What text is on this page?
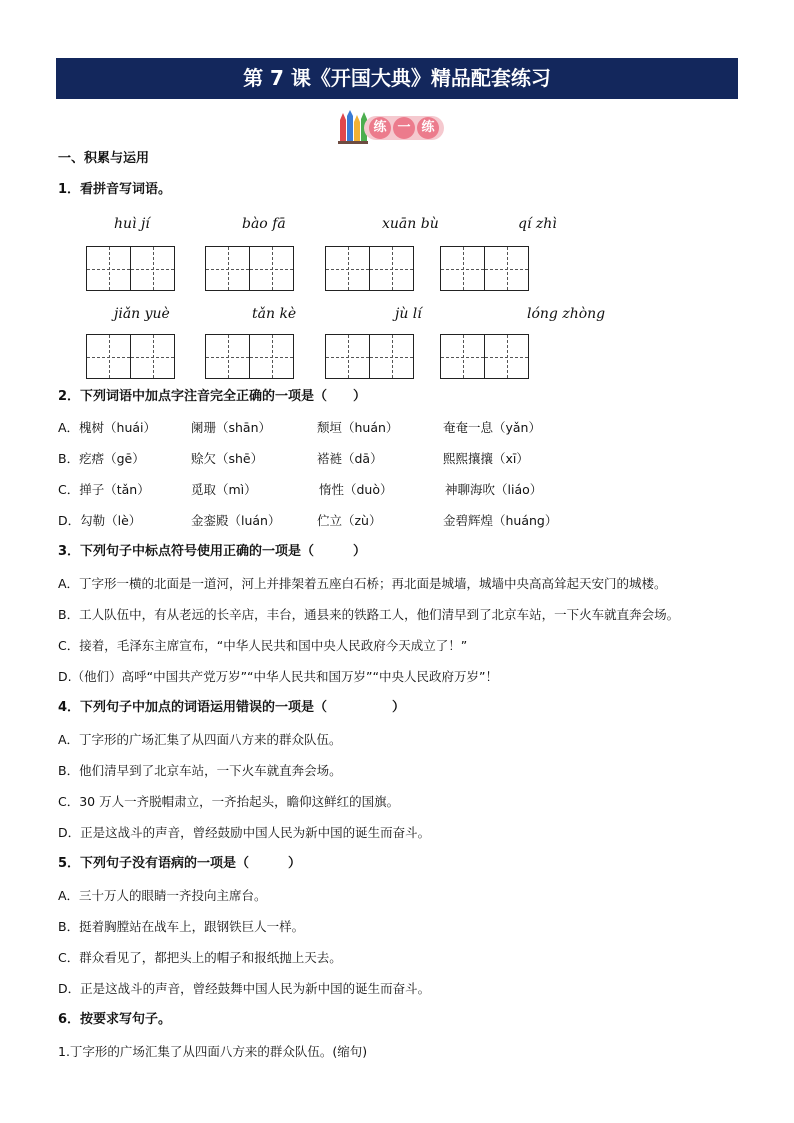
第 7 课《开国大典》精品配套练习
练 一 练
一、积累与运用
1．看拼音写词语。
huì jí	bào fā	xuān bù	qí zhì
jiǎn yuè	tǎn kè	jù lí	lóng zhòng
2．下列词语中加点字注音完全正确的一项是（　　）
A．槐树（huái）	阑珊（shān）	颓垣（huán）	奄奄一息（yǎn）
B．疙瘩（gē）	赊欠（shē）	褡裢（dā）	熙熙攘攘（xī）
C．掸子（tǎn）	觅取（mì）	惰性（duò）	神聊海吹（liáo）
D．勾勒（lè）	金銮殿（luán）	伫立（zù）	金碧辉煌（huáng）
3．下列句子中标点符号使用正确的一项是（　　　）
A．丁字形一横的北面是一道河，河上并排架着五座白石桥；再北面是城墙，城墙中央高高耸起天安门的城楼。
B．工人队伍中，有从老远的长辛店，丰台，通县来的铁路工人，他们清早到了北京车站，一下火车就直奔会场。
C．接着，毛泽东主席宣布，“中华人民共和国中央人民政府今天成立了！”
D.（他们）高呼“中国共产党万岁”“中华人民共和国万岁”“中央人民政府万岁”！
4．下列句子中加点的词语运用错误的一项是（　　　　　）
A．丁字形的广场汇集了从四面八方来的群众队伍。
B．他们清早到了北京车站，一下火车就直奔会场。
C．30 万人一齐脱帽肃立，一齐抬起头，瞻仰这鲜红的国旗。
D．正是这战斗的声音，曾经鼓励中国人民为新中国的诞生而奋斗。
5．下列句子没有语病的一项是（　　　）
A．三十万人的眼睛一齐投向主席台。
B．挺着胸膛站在战车上，跟钢铁巨人一样。
C．群众看见了，都把头上的帽子和报纸抛上天去。
D．正是这战斗的声音，曾经鼓舞中国人民为新中国的诞生而奋斗。
6．按要求写句子。
1.丁字形的广场汇集了从四面八方来的群众队伍。(缩句)
